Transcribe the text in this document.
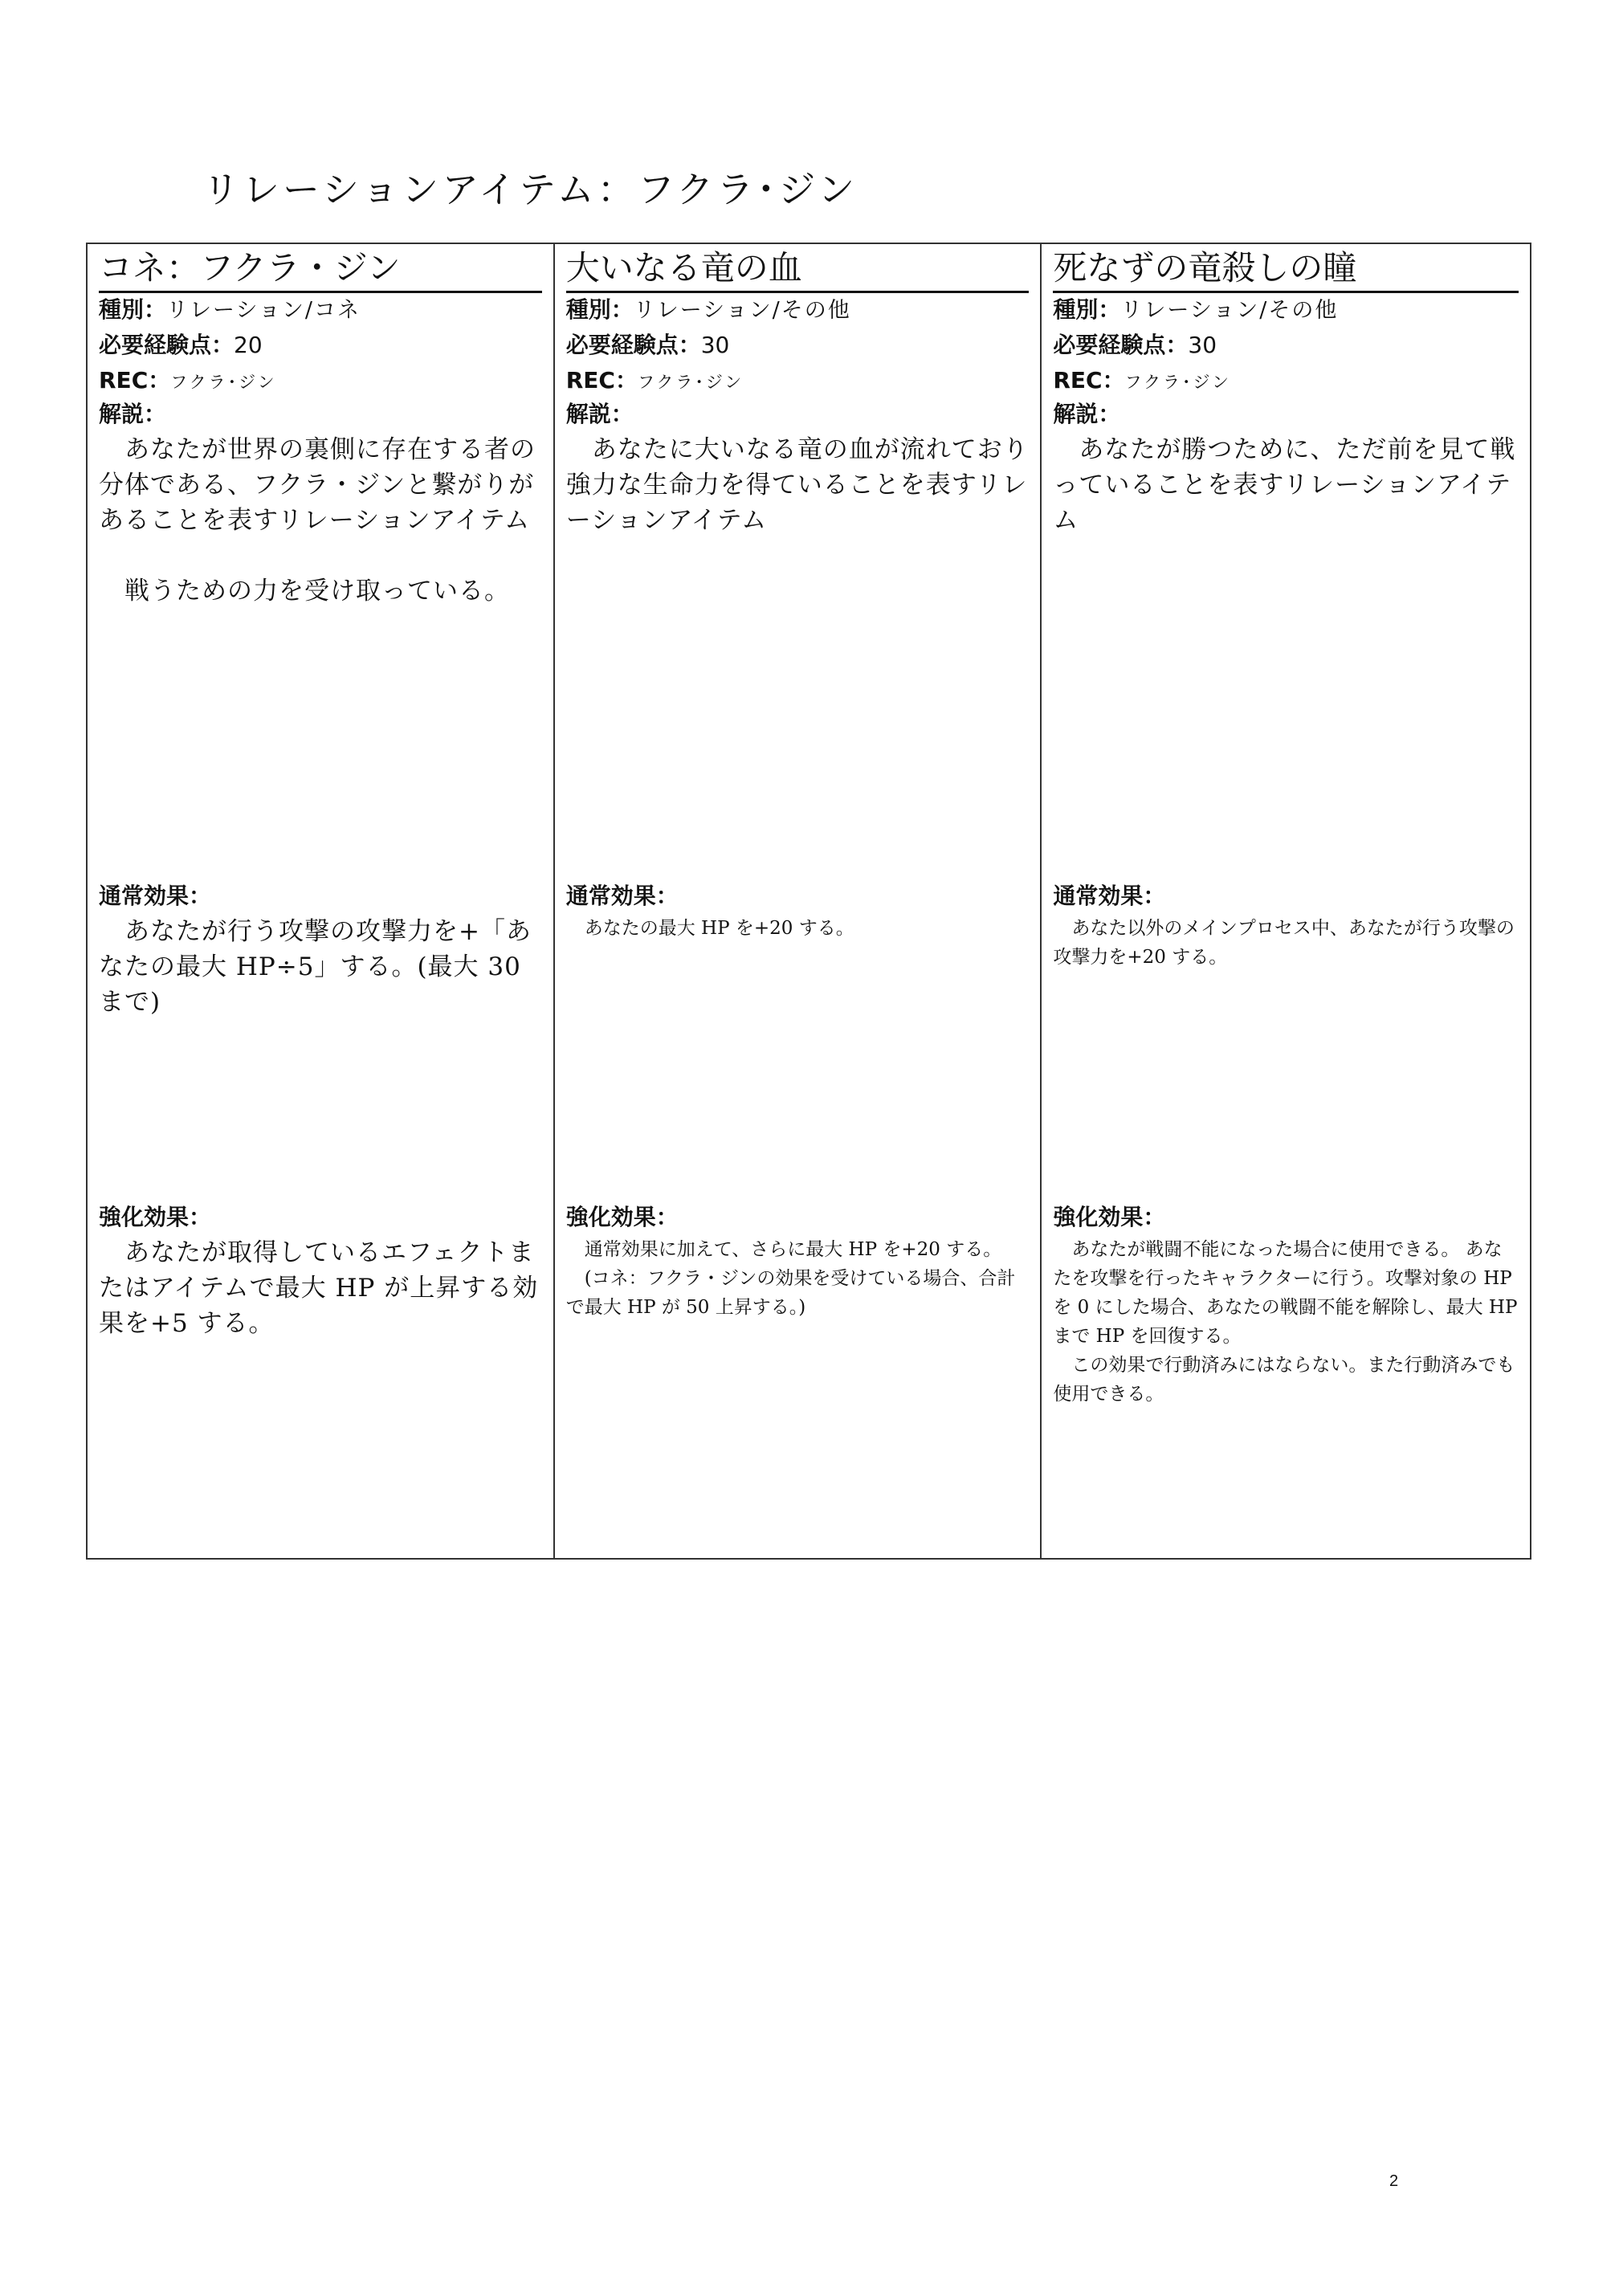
リレーションアイテム：フクラ･ジン
コネ：フクラ・ジン
種別：リレーション/コネ
必要経験点：20
REC：フクラ･ジン
解説：
　あなたが世界の裏側に存在する者の分体である、フクラ・ジンと繋がりがあることを表すリレーションアイテム

　戦うための力を受け取っている。
通常効果：
　あなたが行う攻撃の攻撃力を+「あなたの最大 HP÷5」する。(最大 30 まで)
強化効果：
　あなたが取得しているエフェクトまたはアイテムで最大 HP が上昇する効果を+5 する。
大いなる竜の血
種別：リレーション/その他
必要経験点：30
REC：フクラ･ジン
解説：
　あなたに大いなる竜の血が流れており強力な生命力を得ていることを表すリレーションアイテム
通常効果：
　あなたの最大 HP を+20 する。
強化効果：
　通常効果に加えて、さらに最大 HP を+20 する。
　(コネ：フクラ・ジンの効果を受けている場合、合計で最大 HP が 50 上昇する。)
死なずの竜殺しの瞳
種別：リレーション/その他
必要経験点：30
REC：フクラ･ジン
解説：
　あなたが勝つために、ただ前を見て戦っていることを表すリレーションアイテム
通常効果：
　あなた以外のメインプロセス中、あなたが行う攻撃の攻撃力を+20 する。
強化効果：
　あなたが戦闘不能になった場合に使用できる。 あなたを攻撃を行ったキャラクターに行う。攻撃対象の HP を 0 にした場合、あなたの戦闘不能を解除し、最大 HP まで HP を回復する。
　この効果で行動済みにはならない。また行動済みでも使用できる。
2
